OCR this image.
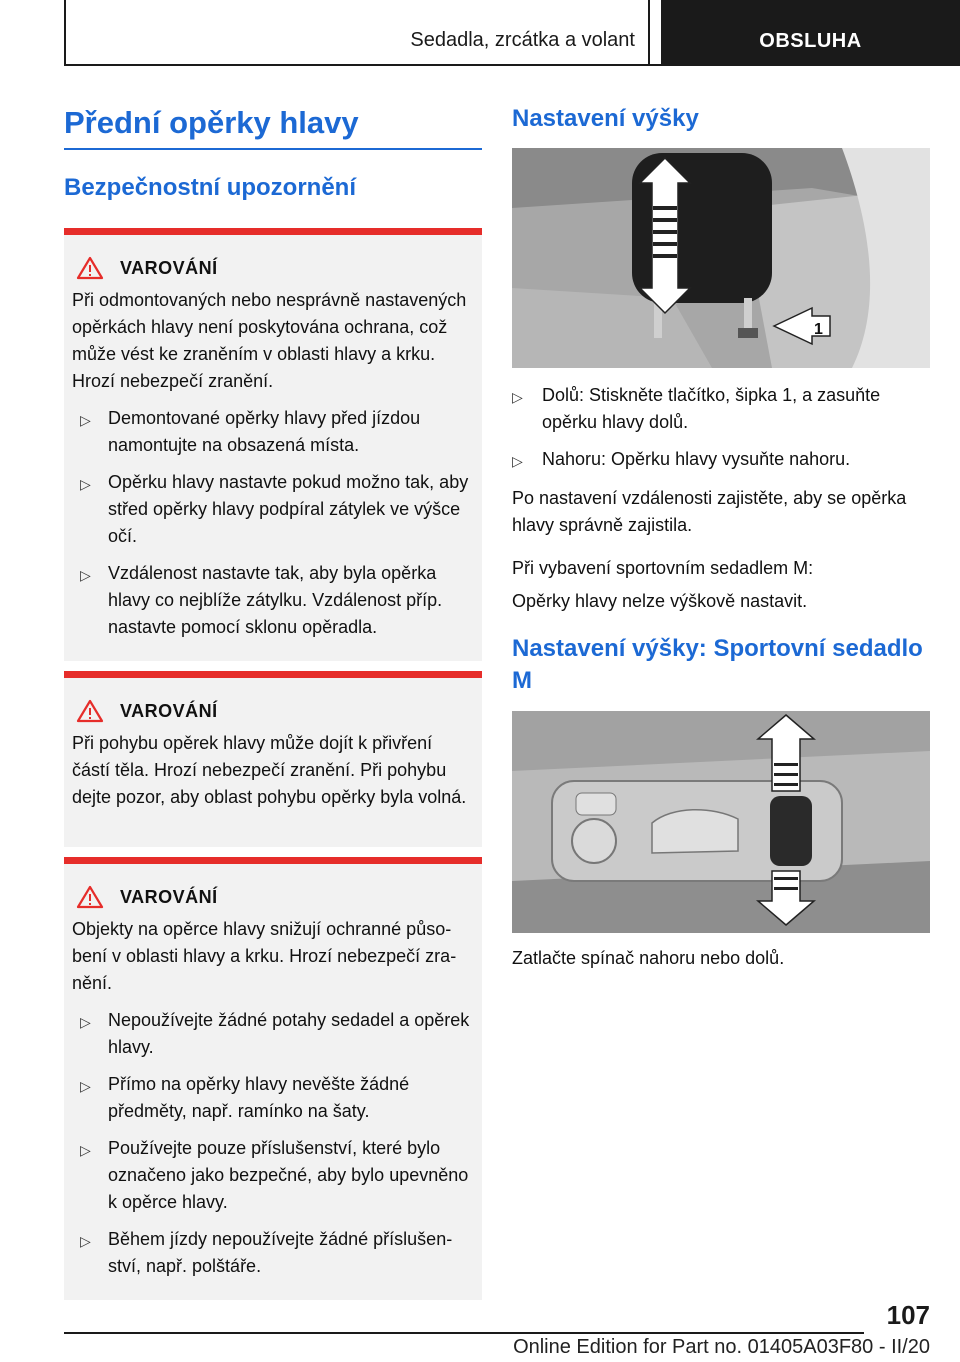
Sedadla, zrcátka a volant	OBSLUHA
Přední opěrky hlavy
Bezpečnostní upozornění
VAROVÁNÍ
Při odmontovaných nebo nesprávně nastavených opěrkách hlavy není poskytována ochrana, což může vést ke zraněním v oblasti hlavy a krku. Hrozí nebezpečí zranění.
▷ Demontované opěrky hlavy před jízdou namontujte na obsazená místa.
▷ Opěrku hlavy nastavte pokud možno tak, aby střed opěrky hlavy podpíral zátylek ve výšce očí.
▷ Vzdálenost nastavte tak, aby byla opěrka hlavy co nejblíže zátylku. Vzdálenost příp. nastavte pomocí sklonu opěradla.
VAROVÁNÍ
Při pohybu opěrek hlavy může dojít k přivření částí těla. Hrozí nebezpečí zranění. Při pohybu dejte pozor, aby oblast pohybu opěrky byla volná.
VAROVÁNÍ
Objekty na opěrce hlavy snižují ochranné působení v oblasti hlavy a krku. Hrozí nebezpečí zranění.
▷ Nepoužívejte žádné potahy sedadel a opěrek hlavy.
▷ Přímo na opěrky hlavy nevěšte žádné předměty, např. ramínko na šaty.
▷ Používejte pouze příslušenství, které bylo označeno jako bezpečné, aby bylo upevněno k opěrce hlavy.
▷ Během jízdy nepoužívejte žádné příslušenství, např. polštáře.
Nastavení výšky
1
▷ Dolů: Stiskněte tlačítko, šipka 1, a zasuňte opěrku hlavy dolů.
▷ Nahoru: Opěrku hlavy vysuňte nahoru.
Po nastavení vzdálenosti zajistěte, aby se opěrka hlavy správně zajistila.
Při vybavení sportovním sedadlem M:
Opěrky hlavy nelze výškově nastavit.
Nastavení výšky: Sportovní sedadlo M
Zatlačte spínač nahoru nebo dolů.
107
Online Edition for Part no. 01405A03F80 - II/20
